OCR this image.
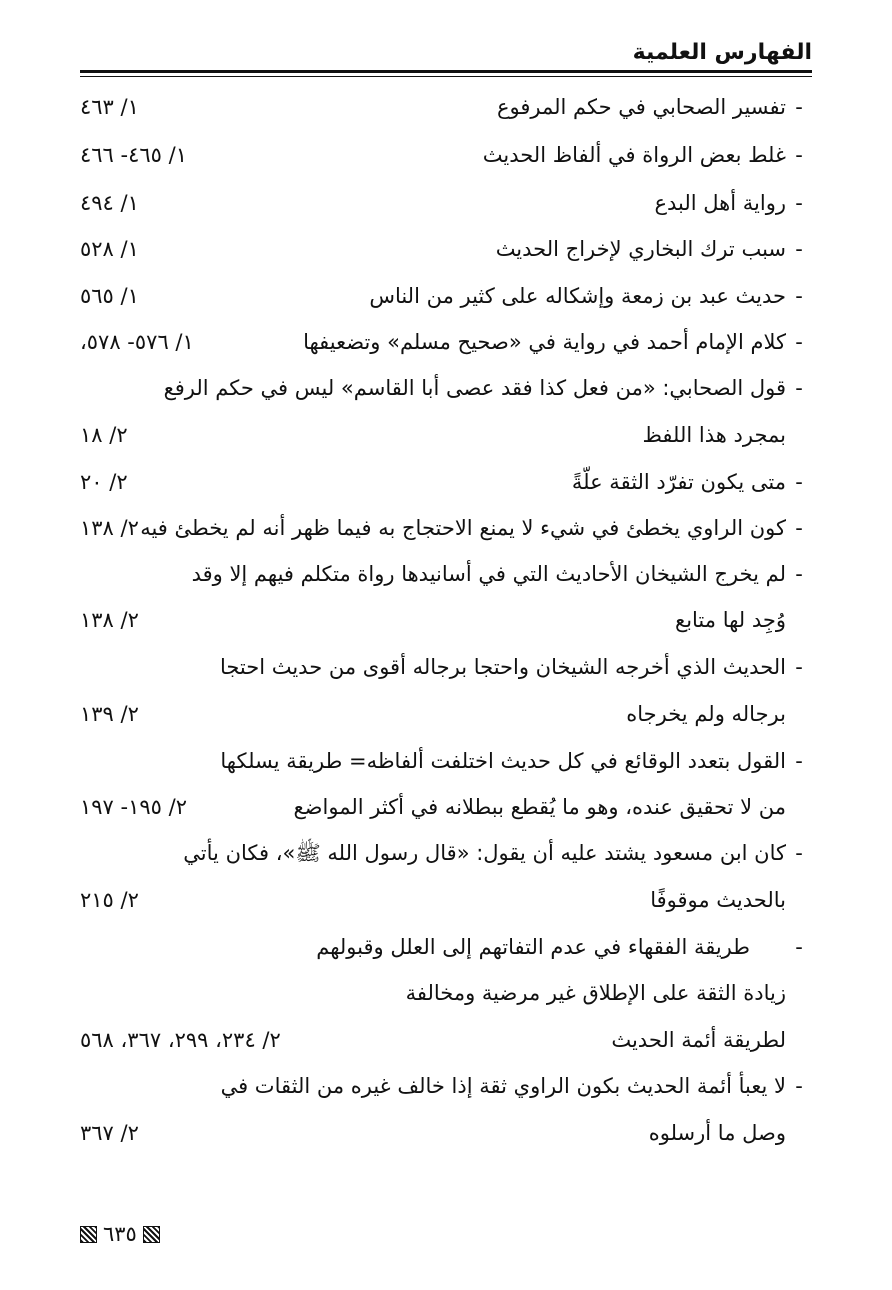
الفهارس العلمية
-
تفسير الصحابي في حكم المرفوع
١/ ٤٦٣
-
غلط بعض الرواة في ألفاظ الحديث
١/ ٤٦٥- ٤٦٦
-
رواية أهل البدع
١/ ٤٩٤
-
سبب ترك البخاري لإخراج الحديث
١/ ٥٢٨
-
حديث عبد بن زمعة وإشكاله على كثير من الناس
١/ ٥٦٥
-
كلام الإمام أحمد في رواية في «صحيح مسلم» وتضعيفها
١/ ٥٧٦- ٥٧٨،
-
قول الصحابي: «من فعل كذا فقد عصى أبا القاسم» ليس في حكم الرفع
بمجرد هذا اللفظ
٢/ ١٨
-
متى يكون تفرّد الثقة علّةً
٢/ ٢٠
-
كون الراوي يخطئ في شيء لا يمنع الاحتجاج به فيما ظهر أنه لم يخطئ فيه
٢/ ١٣٨
-
لم يخرج الشيخان الأحاديث التي في أسانيدها رواة متكلم فيهم إلا وقد
وُجِد لها متابع
٢/ ١٣٨
-
الحديث الذي أخرجه الشيخان واحتجا برجاله أقوى من حديث احتجا
برجاله ولم يخرجاه
٢/ ١٣٩
-
القول بتعدد الوقائع في كل حديث اختلفت ألفاظه= طريقة يسلكها
من لا تحقيق عنده، وهو ما يُقطع ببطلانه في أكثر المواضع
٢/ ١٩٥- ١٩٧
-
كان ابن مسعود يشتد عليه أن يقول: «قال رسول الله ﷺ»، فكان يأتي
بالحديث موقوفًا
٢/ ٢١٥
-
طريقة الفقهاء في عدم التفاتهم إلى العلل وقبولهم
زيادة الثقة على الإطلاق غير مرضية ومخالفة
لطريقة أئمة الحديث
٢/ ٢٣٤، ٢٩٩، ٣٦٧، ٥٦٨
-
لا يعبأ أئمة الحديث بكون الراوي ثقة إذا خالف غيره من الثقات في
وصل ما أرسلوه
٢/ ٣٦٧
٦٣٥
